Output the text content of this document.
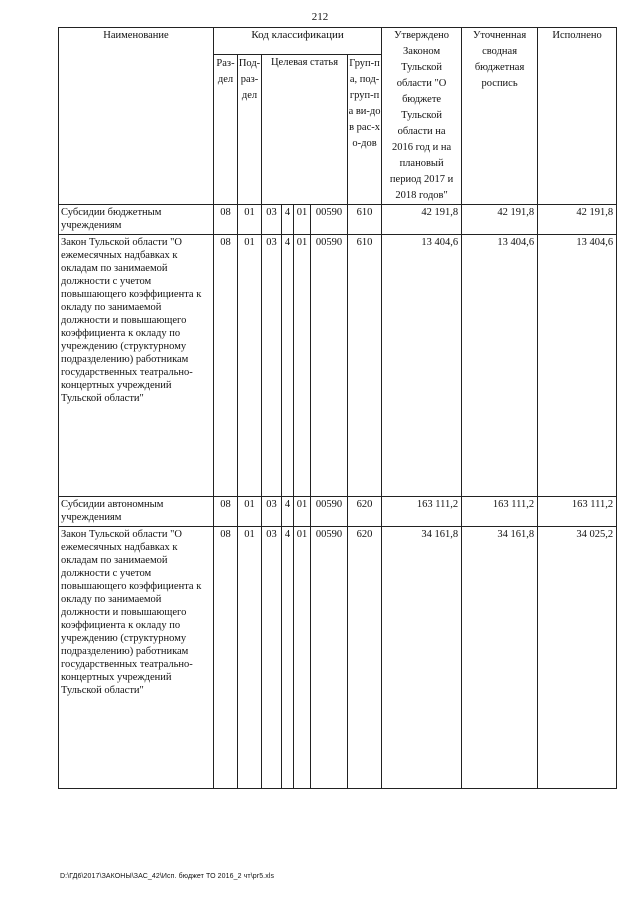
212
Наименование	Код классификации							Утверждено Законом Тульской области "О бюджете Тульской области на 2016 год и на плановый период 2017 и 2018 годов"	Уточненная сводная бюджетная роспись	Исполнено
	Раз-дел	Под-раз-дел	Целевая статья				Груп-па, под-груп-па ви-дов рас-хо-дов			
Субсидии бюджетным учреждениям	08	01	03	4	01	00590	610	42 191,8	42 191,8	42 191,8
Закон Тульской области "О ежемесячных надбавках к окладам по занимаемой должности с учетом повышающего коэффициента к окладу по занимаемой должности и повышающего коэффициента к окладу по учреждению (структурному подразделению) работникам государственных театрально-концертных учреждений Тульской области"	08	01	03	4	01	00590	610	13 404,6	13 404,6	13 404,6
Субсидии автономным учреждениям	08	01	03	4	01	00590	620	163 111,2	163 111,2	163 111,2
Закон Тульской области "О ежемесячных надбавках к окладам по занимаемой должности с учетом повышающего коэффициента к окладу по занимаемой должности и повышающего коэффициента к окладу по учреждению (структурному подразделению) работникам государственных театрально-концертных учреждений Тульской области"	08	01	03	4	01	00590	620	34 161,8	34 161,8	34 025,2
D:\ГД6\2017\ЗАКОНЫ\ЗАС_42\Исп. бюджет ТО 2016_2 чт\pr5.xls
